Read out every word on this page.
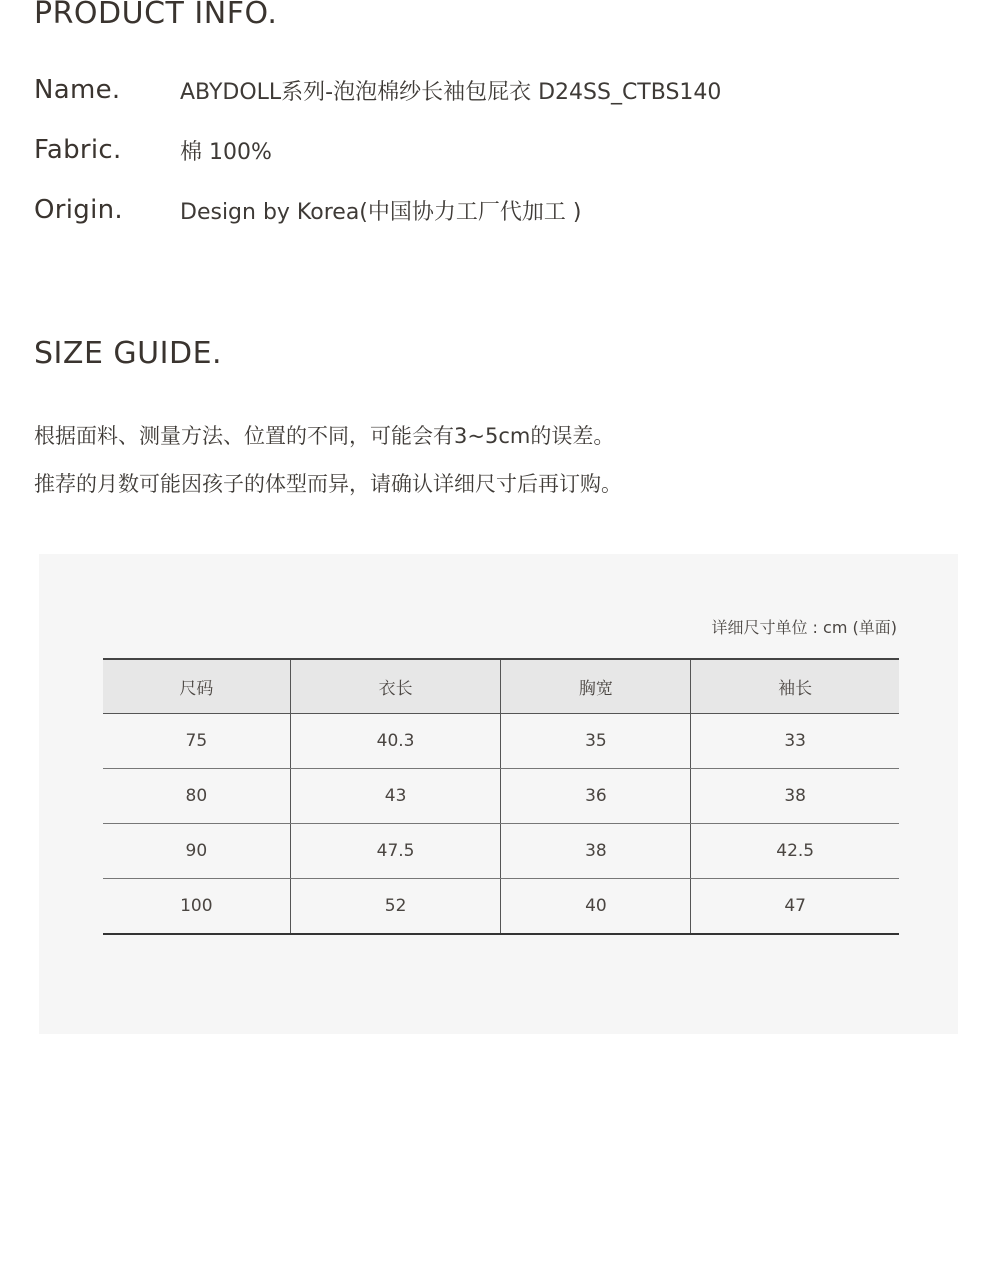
PRODUCT INFO.
Name.	ABYDOLL系列-泡泡棉纱长袖包屁衣 D24SS_CTBS140
Fabric.	棉 100%
Origin.	Design by Korea(中国协力工厂代加工 )
SIZE GUIDE.

根据面料、测量方法、位置的不同，可能会有3~5cm的误差。

推荐的月数可能因孩子的体型而异，请确认详细尺寸后再订购。

详细尺寸单位 : cm (单面)
尺码	衣长	胸宽	袖长
75	40.3	35	33
80	43	36	38
90	47.5	38	42.5
100	52	40	47
